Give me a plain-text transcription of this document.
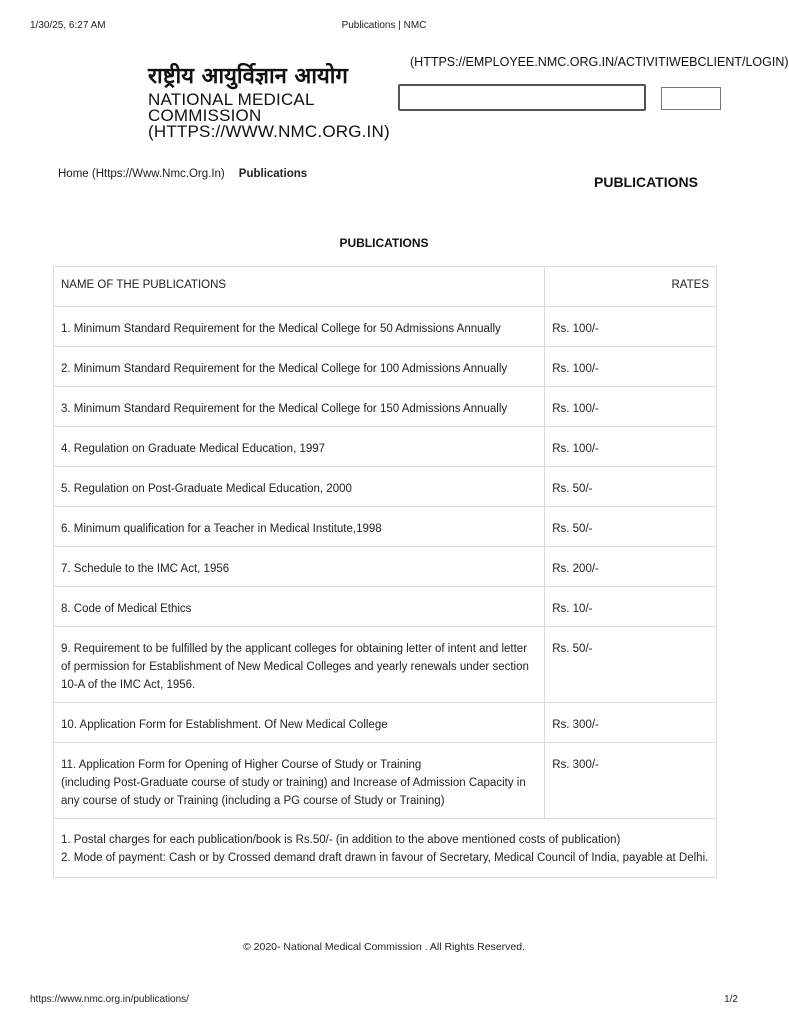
1/30/25, 6:27 AM	Publications | NMC
राष्ट्रीय आयुर्विज्ञान आयोग
NATIONAL MEDICAL
COMMISSION
(HTTPS://WWW.NMC.ORG.IN)
(HTTPS://EMPLOYEE.NMC.ORG.IN/ACTIVITIWEBCLIENT/LOGIN)
Home (Https://Www.Nmc.Org.In) Publications	PUBLICATIONS
PUBLICATIONS
NAME OF THE PUBLICATIONS	RATES
1. Minimum Standard Requirement for the Medical College for 50 Admissions Annually	Rs. 100/-
2. Minimum Standard Requirement for the Medical College for 100 Admissions Annually	Rs. 100/-
3. Minimum Standard Requirement for the Medical College for 150 Admissions Annually	Rs. 100/-
4. Regulation on Graduate Medical Education, 1997	Rs. 100/-
5. Regulation on Post-Graduate Medical Education, 2000	Rs. 50/-
6. Minimum qualification for a Teacher in Medical Institute,1998	Rs. 50/-
7. Schedule to the IMC Act, 1956	Rs. 200/-
8. Code of Medical Ethics	Rs. 10/-
9. Requirement to be fulfilled by the applicant colleges for obtaining letter of intent and letter of permission for Establishment of New Medical Colleges and yearly renewals under section 10-A of the IMC Act, 1956.	Rs. 50/-
10. Application Form for Establishment. Of New Medical College	Rs. 300/-

11. Application Form for Opening of Higher Course of Study or Training
(including Post-Graduate course of study or training) and Increase of Admission Capacity in any course of study or Training (including a PG course of Study or Training)	Rs. 300/-

1. Postal charges for each publication/book is Rs.50/- (in addition to the above mentioned costs of publication)
2. Mode of payment: Cash or by Crossed demand draft drawn in favour of Secretary, Medical Council of India, payable at Delhi.	
© 2020- National Medical Commission . All Rights Reserved.
https://www.nmc.org.in/publications/	1/2
